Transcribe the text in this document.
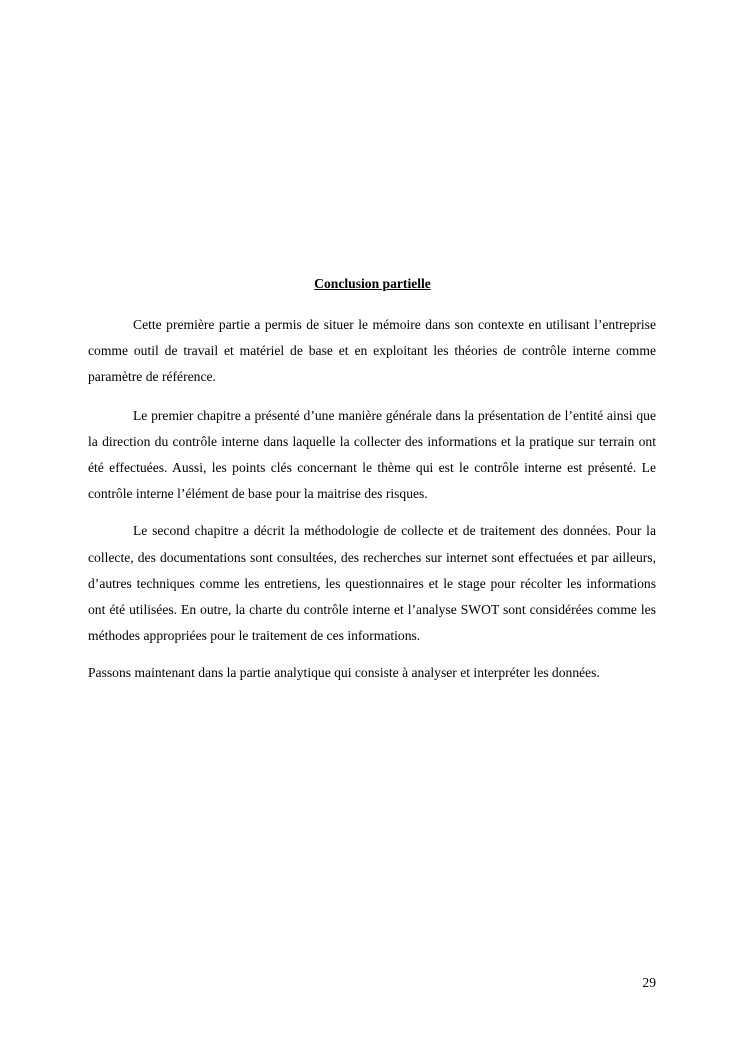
Conclusion partielle

Cette première partie a permis de situer le mémoire dans son contexte en utilisant l’entreprise comme outil de travail et matériel de base et en exploitant les théories de contrôle interne comme paramètre de référence.

Le premier chapitre a présenté d’une manière générale dans la présentation de l’entité ainsi que la direction du contrôle interne dans laquelle la collecter des informations et la pratique sur terrain ont été effectuées. Aussi, les points clés concernant le thème qui est le contrôle interne est présenté. Le contrôle interne l’élément de base pour la maitrise des risques.

Le second chapitre a décrit la méthodologie de collecte et de traitement des données. Pour la collecte, des documentations sont consultées, des recherches sur internet sont effectuées et par ailleurs, d’autres techniques comme les entretiens, les questionnaires et le stage pour récolter les informations ont été utilisées. En outre, la charte du contrôle interne et l’analyse SWOT sont considérées comme les méthodes appropriées pour le traitement de ces informations.

Passons maintenant dans la partie analytique qui consiste à analyser et interpréter les données.

29
